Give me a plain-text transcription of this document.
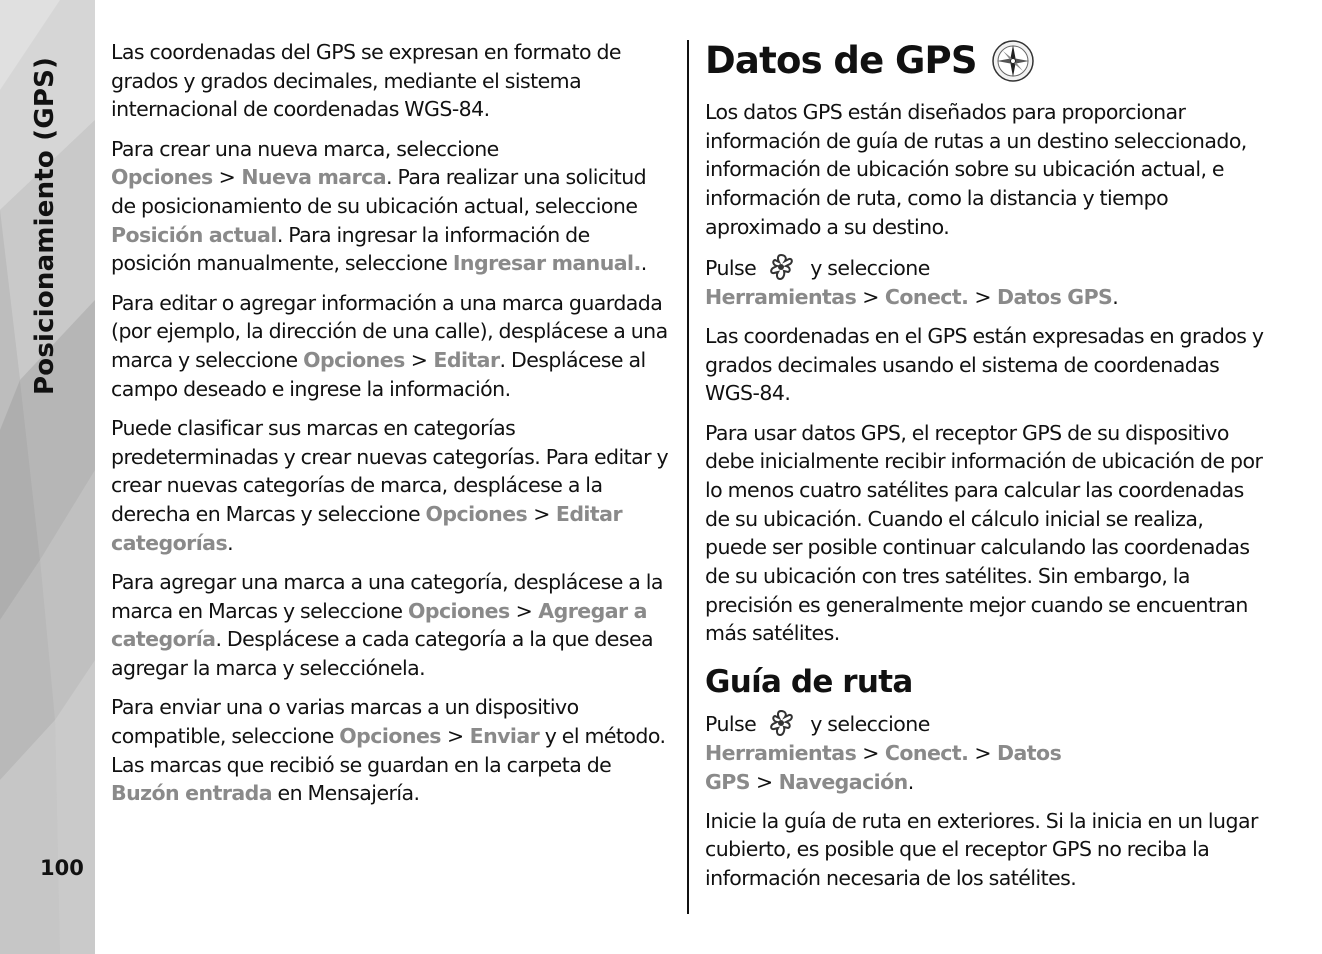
Posicionamiento (GPS)
100

Las coordenadas del GPS se expresan en formato de grados y grados decimales, mediante el sistema internacional de coordenadas WGS-84.

Para crear una nueva marca, seleccione Opciones > Nueva marca. Para realizar una solicitud de posicionamiento de su ubicación actual, seleccione Posición actual. Para ingresar la información de posición manualmente, seleccione Ingresar manual..

Para editar o agregar información a una marca guardada (por ejemplo, la dirección de una calle), desplácese a una marca y seleccione Opciones > Editar. Desplácese al campo deseado e ingrese la información.

Puede clasificar sus marcas en categorías predeterminadas y crear nuevas categorías. Para editar y crear nuevas categorías de marca, desplácese a la derecha en Marcas y seleccione Opciones > Editar categorías.

Para agregar una marca a una categoría, desplácese a la marca en Marcas y seleccione Opciones > Agregar a categoría. Desplácese a cada categoría a la que desea agregar la marca y selecciónela.

Para enviar una o varias marcas a un dispositivo compatible, seleccione Opciones > Enviar y el método. Las marcas que recibió se guardan en la carpeta de Buzón entrada en Mensajería.

Datos de GPS

Los datos GPS están diseñados para proporcionar información de guía de rutas a un destino seleccionado, información de ubicación sobre su ubicación actual, e información de ruta, como la distancia y tiempo aproximado a su destino.

Pulse	y seleccione Herramientas > Conect. > Datos GPS.

Las coordenadas en el GPS están expresadas en grados y grados decimales usando el sistema de coordenadas WGS-84.

Para usar datos GPS, el receptor GPS de su dispositivo debe inicialmente recibir información de ubicación de por lo menos cuatro satélites para calcular las coordenadas de su ubicación. Cuando el cálculo inicial se realiza, puede ser posible continuar calculando las coordenadas de su ubicación con tres satélites. Sin embargo, la precisión es generalmente mejor cuando se encuentran más satélites.

Guía de ruta

Pulse	y seleccione Herramientas > Conect. > Datos GPS > Navegación.

Inicie la guía de ruta en exteriores. Si la inicia en un lugar cubierto, es posible que el receptor GPS no reciba la información necesaria de los satélites.
